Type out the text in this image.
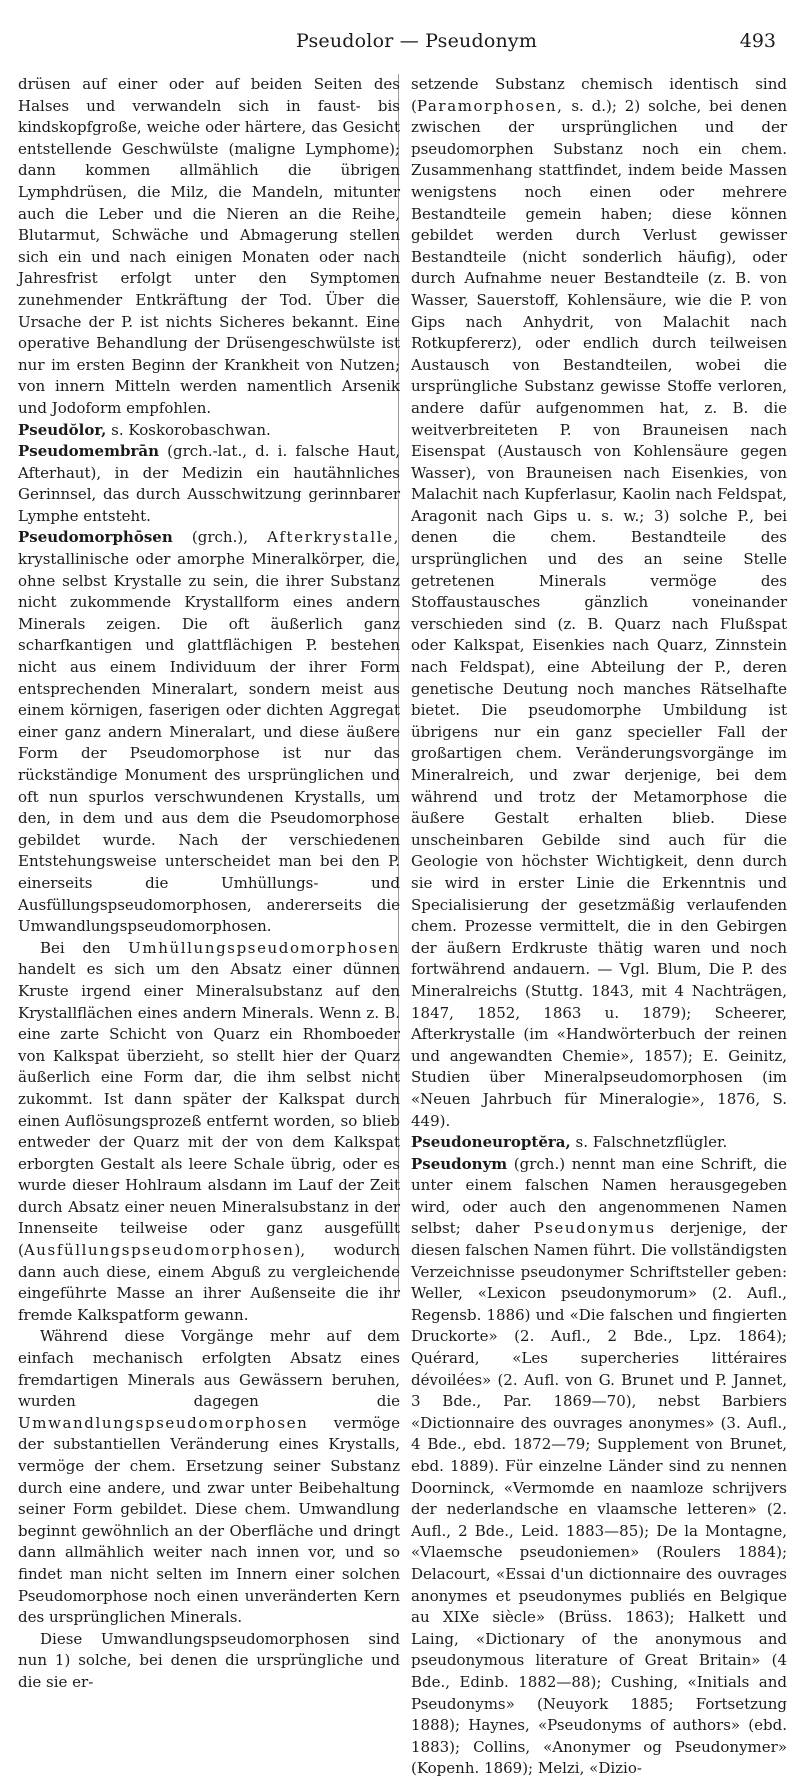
Pseudolor — Pseudonym	493

drüsen auf einer oder auf beiden Seiten des Halses und verwandeln sich in faust- bis kindskopfgroße, weiche oder härtere, das Gesicht entstellende Geschwülste (maligne Lymphome); dann kommen allmählich die übrigen Lymphdrüsen, die Milz, die Mandeln, mitunter auch die Leber und die Nieren an die Reihe, Blutarmut, Schwäche und Abmagerung stellen sich ein und nach einigen Monaten oder nach Jahresfrist erfolgt unter den Symptomen zunehmender Entkräftung der Tod. Über die Ursache der P. ist nichts Sicheres bekannt. Eine operative Behandlung der Drüsengeschwülste ist nur im ersten Beginn der Krankheit von Nutzen; von innern Mitteln werden namentlich Arsenik und Jodoform empfohlen.

Pseudŏlor, s. Koskorobaschwan.

Pseudomembrān (grch.-lat., d. i. falsche Haut, Afterhaut), in der Medizin ein hautähnliches Gerinnsel, das durch Ausschwitzung gerinnbarer Lymphe entsteht.

Pseudomorphōsen (grch.), Afterkrystalle, krystallinische oder amorphe Mineralkörper, die, ohne selbst Krystalle zu sein, die ihrer Substanz nicht zukommende Krystallform eines andern Minerals zeigen. Die oft äußerlich ganz scharfkantigen und glattflächigen P. bestehen nicht aus einem Individuum der ihrer Form entsprechenden Mineralart, sondern meist aus einem körnigen, faserigen oder dichten Aggregat einer ganz andern Mineralart, und diese äußere Form der Pseudomorphose ist nur das rückständige Monument des ursprünglichen und oft nun spurlos verschwundenen Krystalls, um den, in dem und aus dem die Pseudomorphose gebildet wurde. Nach der verschiedenen Entstehungsweise unterscheidet man bei den P. einerseits die Umhüllungs- und Ausfüllungspseudomorphosen, andererseits die Umwandlungspseudomorphosen.

Bei den Umhüllungspseudomorphosen handelt es sich um den Absatz einer dünnen Kruste irgend einer Mineralsubstanz auf den Krystallflächen eines andern Minerals. Wenn z. B. eine zarte Schicht von Quarz ein Rhomboeder von Kalkspat überzieht, so stellt hier der Quarz äußerlich eine Form dar, die ihm selbst nicht zukommt. Ist dann später der Kalkspat durch einen Auflösungsprozeß entfernt worden, so blieb entweder der Quarz mit der von dem Kalkspat erborgten Gestalt als leere Schale übrig, oder es wurde dieser Hohlraum alsdann im Lauf der Zeit durch Absatz einer neuen Mineralsubstanz in der Innenseite teilweise oder ganz ausgefüllt (Ausfüllungspseudomorphosen), wodurch dann auch diese, einem Abguß zu vergleichende eingeführte Masse an ihrer Außenseite die ihr fremde Kalkspatform gewann.

Während diese Vorgänge mehr auf dem einfach mechanisch erfolgten Absatz eines fremdartigen Minerals aus Gewässern beruhen, wurden dagegen die Umwandlungspseudomorphosen vermöge der substantiellen Veränderung eines Krystalls, vermöge der chem. Ersetzung seiner Substanz durch eine andere, und zwar unter Beibehaltung seiner Form gebildet. Diese chem. Umwandlung beginnt gewöhnlich an der Oberfläche und dringt dann allmählich weiter nach innen vor, und so findet man nicht selten im Innern einer solchen Pseudomorphose noch einen unveränderten Kern des ursprünglichen Minerals.

Diese Umwandlungspseudomorphosen sind nun 1) solche, bei denen die ursprüngliche und die sie er-

setzende Substanz chemisch identisch sind (Paramorphosen, s. d.); 2) solche, bei denen zwischen der ursprünglichen und der pseudomorphen Substanz noch ein chem. Zusammenhang stattfindet, indem beide Massen wenigstens noch einen oder mehrere Bestandteile gemein haben; diese können gebildet werden durch Verlust gewisser Bestandteile (nicht sonderlich häufig), oder durch Aufnahme neuer Bestandteile (z. B. von Wasser, Sauerstoff, Kohlensäure, wie die P. von Gips nach Anhydrit, von Malachit nach Rotkupfererz), oder endlich durch teilweisen Austausch von Bestandteilen, wobei die ursprüngliche Substanz gewisse Stoffe verloren, andere dafür aufgenommen hat, z. B. die weitverbreiteten P. von Brauneisen nach Eisenspat (Austausch von Kohlensäure gegen Wasser), von Brauneisen nach Eisenkies, von Malachit nach Kupferlasur, Kaolin nach Feldspat, Aragonit nach Gips u. s. w.; 3) solche P., bei denen die chem. Bestandteile des ursprünglichen und des an seine Stelle getretenen Minerals vermöge des Stoffaustausches gänzlich voneinander verschieden sind (z. B. Quarz nach Flußspat oder Kalkspat, Eisenkies nach Quarz, Zinnstein nach Feldspat), eine Abteilung der P., deren genetische Deutung noch manches Rätselhafte bietet. Die pseudomorphe Umbildung ist übrigens nur ein ganz specieller Fall der großartigen chem. Veränderungsvorgänge im Mineralreich, und zwar derjenige, bei dem während und trotz der Metamorphose die äußere Gestalt erhalten blieb. Diese unscheinbaren Gebilde sind auch für die Geologie von höchster Wichtigkeit, denn durch sie wird in erster Linie die Erkenntnis und Specialisierung der gesetzmäßig verlaufenden chem. Prozesse vermittelt, die in den Gebirgen der äußern Erdkruste thätig waren und noch fortwährend andauern. — Vgl. Blum, Die P. des Mineralreichs (Stuttg. 1843, mit 4 Nachträgen, 1847, 1852, 1863 u. 1879); Scheerer, Afterkrystalle (im «Handwörterbuch der reinen und angewandten Chemie», 1857); E. Geinitz, Studien über Mineralpseudomorphosen (im «Neuen Jahrbuch für Mineralogie», 1876, S. 449).

Pseudoneuroptĕra, s. Falschnetzflügler.

Pseudonym (grch.) nennt man eine Schrift, die unter einem falschen Namen herausgegeben wird, oder auch den angenommenen Namen selbst; daher Pseudonymus derjenige, der diesen falschen Namen führt. Die vollständigsten Verzeichnisse pseudonymer Schriftsteller geben: Weller, «Lexicon pseudonymorum» (2. Aufl., Regensb. 1886) und «Die falschen und fingierten Druckorte» (2. Aufl., 2 Bde., Lpz. 1864); Quérard, «Les supercheries littéraires dévoilées» (2. Aufl. von G. Brunet und P. Jannet, 3 Bde., Par. 1869—70), nebst Barbiers «Dictionnaire des ouvrages anonymes» (3. Aufl., 4 Bde., ebd. 1872—79; Supplement von Brunet, ebd. 1889). Für einzelne Länder sind zu nennen Doorninck, «Vermomde en naamloze schrijvers der nederlandsche en vlaamsche letteren» (2. Aufl., 2 Bde., Leid. 1883—85); De la Montagne, «Vlaemsche pseudoniemen» (Roulers 1884); Delacourt, «Essai d'un dictionnaire des ouvrages anonymes et pseudonymes publiés en Belgique au XIXe siècle» (Brüss. 1863); Halkett und Laing, «Dictionary of the anonymous and pseudonymous literature of Great Britain» (4 Bde., Edinb. 1882—88); Cushing, «Initials and Pseudonyms» (Neuyork 1885; Fortsetzung 1888); Haynes, «Pseudonyms of authors» (ebd. 1883); Collins, «Anonymer og Pseudonymer» (Kopenh. 1869); Melzi, «Dizio-
